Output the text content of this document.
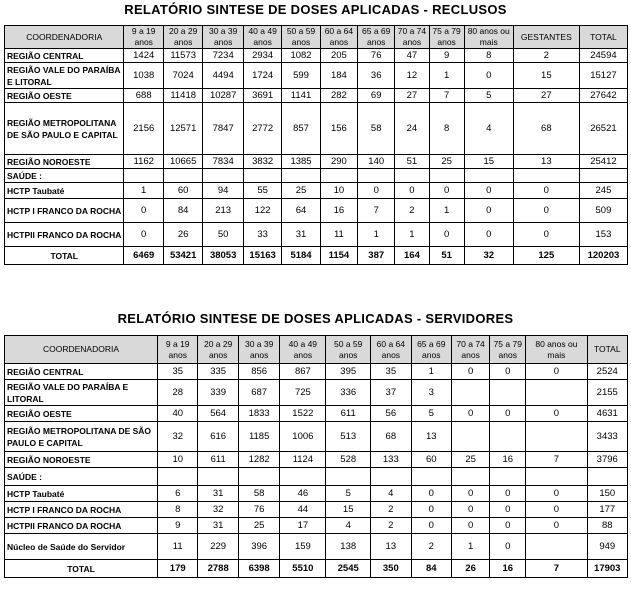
RELATÓRIO SINTESE DE DOSES APLICADAS - RECLUSOS
COORDENADORIA	9 a 19 anos	20 a 29 anos	30 a 39 anos	40 a 49 anos	50 a 59 anos	60 a 64 anos	65 a 69 anos	70 a 74 anos	75 a 79 anos	80 anos ou mais	GESTANTES	TOTAL
REGIÃO CENTRAL	1424	11573	7234	2934	1082	205	76	47	9	8	2	24594
REGIÃO VALE DO PARAÍBA E LITORAL	1038	7024	4494	1724	599	184	36	12	1	0	15	15127
REGIÃO OESTE	688	11418	10287	3691	1141	282	69	27	7	5	27	27642
REGIÃO METROPOLITANA DE SÃO PAULO E CAPITAL	2156	12571	7847	2772	857	156	58	24	8	4	68	26521
REGIÃO NOROESTE	1162	10665	7834	3832	1385	290	140	51	25	15	13	25412
SAÚDE :												
HCTP Taubaté	1	60	94	55	25	10	0	0	0	0	0	245
HCTP I FRANCO DA ROCHA	0	84	213	122	64	16	7	2	1	0	0	509
HCTPII FRANCO DA ROCHA	0	26	50	33	31	11	1	1	0	0	0	153
TOTAL	6469	53421	38053	15163	5184	1154	387	164	51	32	125	120203
RELATÓRIO SINTESE DE DOSES APLICADAS - SERVIDORES
COORDENADORIA	9 a 19 anos	20 a 29 anos	30 a 39 anos	40 a 49 anos	50 a 59 anos	60 a 64 anos	65 a 69 anos	70 a 74 anos	75 a 79 anos	80 anos ou mais	TOTAL
REGIÃO CENTRAL	35	335	856	867	395	35	1	0	0	0	2524
REGIÃO VALE DO PARAÍBA E LITORAL	28	339	687	725	336	37	3				2155
REGIÃO OESTE	40	564	1833	1522	611	56	5	0	0	0	4631
REGIÃO METROPOLITANA DE SÃO PAULO E CAPITAL	32	616	1185	1006	513	68	13				3433
REGIÃO NOROESTE	10	611	1282	1124	528	133	60	25	16	7	3796
SAÚDE :											
HCTP Taubaté	6	31	58	46	5	4	0	0	0	0	150
HCTP I FRANCO DA ROCHA	8	32	76	44	15	2	0	0	0	0	177
HCTPII FRANCO DA ROCHA	9	31	25	17	4	2	0	0	0	0	88
Núcleo de Saúde do Servidor	11	229	396	159	138	13	2	1	0		949
TOTAL	179	2788	6398	5510	2545	350	84	26	16	7	17903
